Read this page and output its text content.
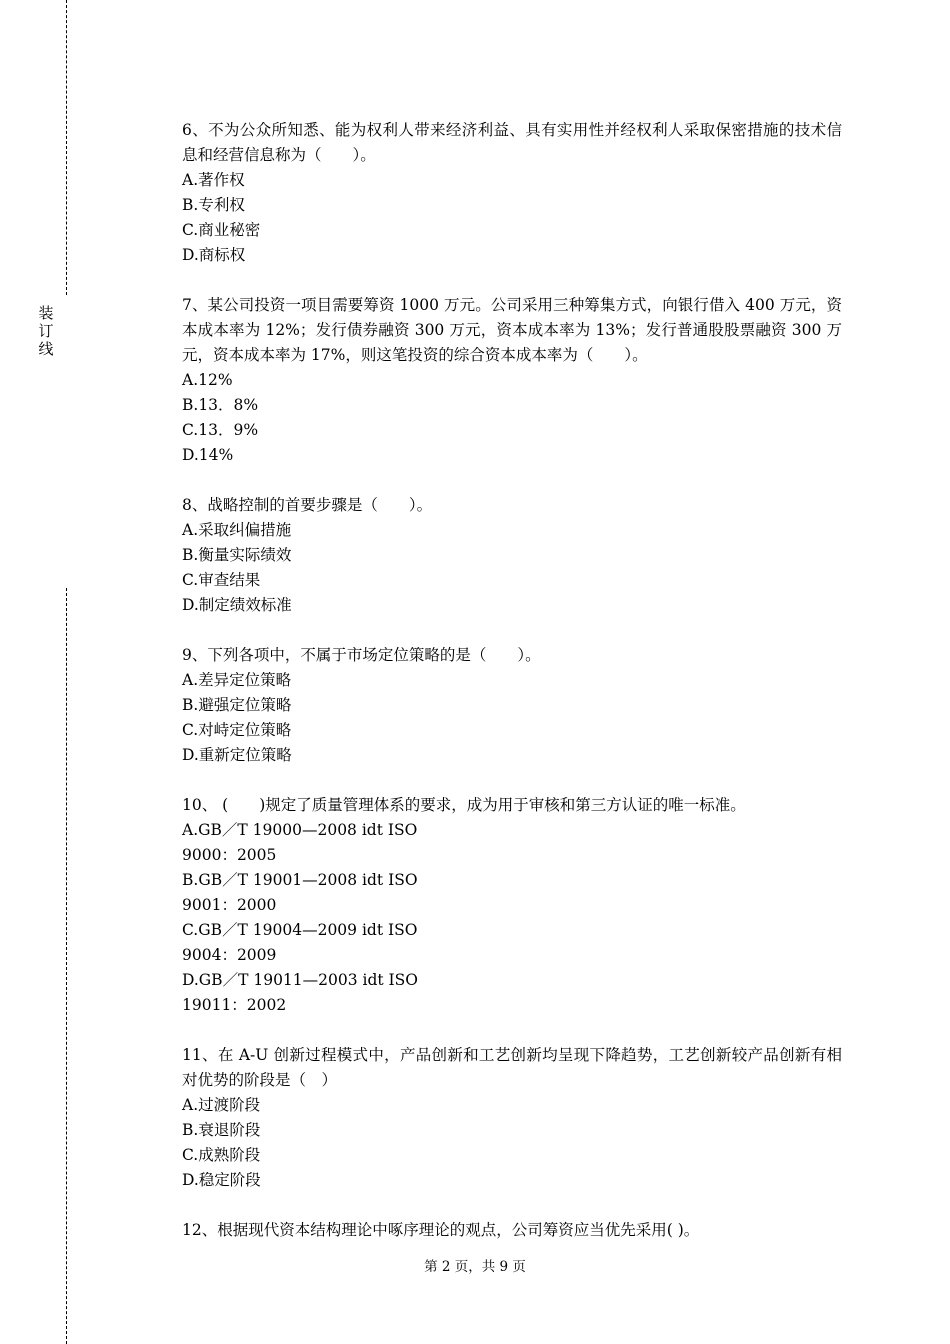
装
订
线

6、不为公众所知悉、能为权利人带来经济利益、具有实用性并经权利人采取保密措施的技术信息和经营信息称为（　　）。

A.著作权

B.专利权

C.商业秘密

D.商标权

7、某公司投资一项目需要筹资 1000 万元。公司采用三种筹集方式，向银行借入 400 万元，资本成本率为 12%；发行债券融资 300 万元，资本成本率为 13%；发行普通股股票融资 300 万元，资本成本率为 17%，则这笔投资的综合资本成本率为（　　）。

A.12%

B.13．8%

C.13．9%

D.14%

8、战略控制的首要步骤是（　　）。

A.采取纠偏措施

B.衡量实际绩效

C.审查结果

D.制定绩效标准

9、下列各项中，不属于市场定位策略的是（　　）。

A.差异定位策略

B.避强定位策略

C.对峙定位策略

D.重新定位策略

10、 (　　)规定了质量管理体系的要求，成为用于审核和第三方认证的唯一标准。

A.GB／T 19000—2008 idt ISO

9000：2005

B.GB／T 19001—2008 idt ISO

9001：2000

C.GB／T 19004—2009 idt ISO

9004：2009

D.GB／T 19011—2003 idt ISO

19011：2002

11、在 A-U 创新过程模式中，产品创新和工艺创新均呈现下降趋势，工艺创新较产品创新有相对优势的阶段是（　）

A.过渡阶段

B.衰退阶段

C.成熟阶段

D.稳定阶段

12、根据现代资本结构理论中啄序理论的观点，公司筹资应当优先采用( )。

第 2 页，共 9 页
